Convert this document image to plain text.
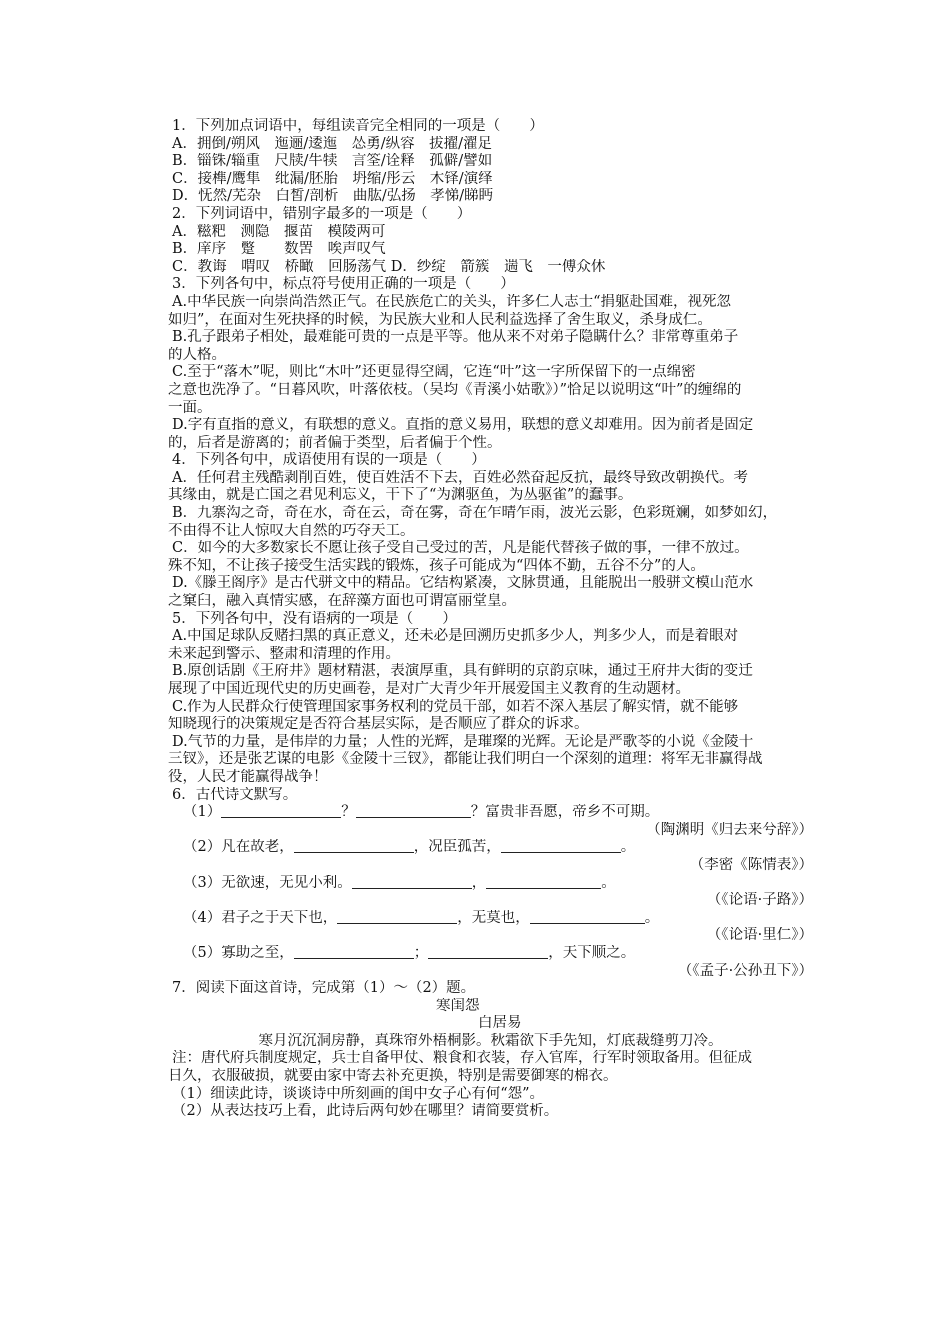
1．下列加点词语中，每组读音完全相同的一项是（　　）
A．拥倒/朔风　迤逦/逶迤　怂勇/纵容　拔擢/濯足
B．锱铢/辎重　尺牍/牛犊　言筌/诠释　孤僻/譬如
C．接榫/鹰隼　纰漏/胚胎　坍缩/彤云　木铎/演绎
D．怃然/芜杂　白皙/剖析　曲肱/弘扬　孝悌/睇眄
2．下列词语中，错别字最多的一项是（　　）
A．糍粑　测隐　揠苗　模陵两可
B．庠序　蹩　　数罟　唉声叹气
C．教诲　喟叹　桥瞰　回肠荡气 D．纱绽　箭簇　遄飞　一傅众休
3．下列各句中，标点符号使用正确的一项是（　　）
A.中华民族一向崇尚浩然正气。在民族危亡的关头，许多仁人志士“捐躯赴国难，视死忽
如归”，在面对生死抉择的时候，为民族大业和人民利益选择了舍生取义，杀身成仁。
B.孔子跟弟子相处，最难能可贵的一点是平等。他从来不对弟子隐瞒什么？非常尊重弟子
的人格。
C.至于“落木”呢，则比“木叶”还更显得空阔，它连“叶”这一字所保留下的一点绵密
之意也洗净了。“日暮风吹，叶落依枝。（吴均《青溪小姑歌》）”恰足以说明这“叶”的缠绵的
一面。
D.字有直指的意义，有联想的意义。直指的意义易用，联想的意义却难用。因为前者是固定
的，后者是游离的；前者偏于类型，后者偏于个性。
4．下列各句中，成语使用有误的一项是（　　）
A．任何君主残酷剥削百姓，使百姓活不下去，百姓必然奋起反抗，最终导致改朝换代。考
其缘由，就是亡国之君见利忘义，干下了“为渊驱鱼，为丛驱雀”的蠢事。
B．九寨沟之奇，奇在水，奇在云，奇在雾，奇在乍晴乍雨，波光云影，色彩斑斓，如梦如幻，
不由得不让人惊叹大自然的巧夺天工。
C．如今的大多数家长不愿让孩子受自己受过的苦，凡是能代替孩子做的事，一律不放过。
殊不知，不让孩子接受生活实践的锻炼，孩子可能成为“四体不勤，五谷不分”的人。
D.《滕王阁序》是古代骈文中的精品。它结构紧凑，文脉贯通，且能脱出一般骈文模山范水
之窠臼，融入真情实感，在辞藻方面也可谓富丽堂皇。
5．下列各句中，没有语病的一项是（　　）
A.中国足球队反赌扫黑的真正意义，还未必是回溯历史抓多少人，判多少人，而是着眼对
未来起到警示、整肃和清理的作用。
B.原创话剧《王府井》题材精湛，表演厚重，具有鲜明的京韵京味，通过王府井大街的变迁
展现了中国近现代史的历史画卷，是对广大青少年开展爱国主义教育的生动题材。
C.作为人民群众行使管理国家事务权利的党员干部，如若不深入基层了解实情，就不能够
知晓现行的决策规定是否符合基层实际，是否顺应了群众的诉求。
D.气节的力量，是伟岸的力量；人性的光辉，是璀璨的光辉。无论是严歌苓的小说《金陵十
三钗》，还是张艺谋的电影《金陵十三钗》，都能让我们明白一个深刻的道理：将军无非赢得战
役，人民才能赢得战争！
6．古代诗文默写。
（1）	？	？富贵非吾愿，帝乡不可期。
（陶渊明《归去来兮辞》）
（2）凡在故老，	，况臣孤苦，	。
（李密《陈情表》）
（3）无欲速，无见小利。	，	。
（《论语·子路》）
（4）君子之于天下也，	，无莫也，	。
（《论语·里仁》）
（5）寡助之至，	；	，天下顺之。
（《孟子·公孙丑下》）
7．阅读下面这首诗，完成第（1）～（2）题。
寒闺怨
白居易
寒月沉沉洞房静，真珠帘外梧桐影。秋霜欲下手先知，灯底裁缝剪刀冷。
注：唐代府兵制度规定，兵士自备甲仗、粮食和衣装，存入官库，行军时领取备用。但征成
日久，衣服破损，就要由家中寄去补充更换，特别是需要御寒的棉衣。
（1）细读此诗，谈谈诗中所刻画的闺中女子心有何“怨”。
（2）从表达技巧上看，此诗后两句妙在哪里？请简要赏析。
